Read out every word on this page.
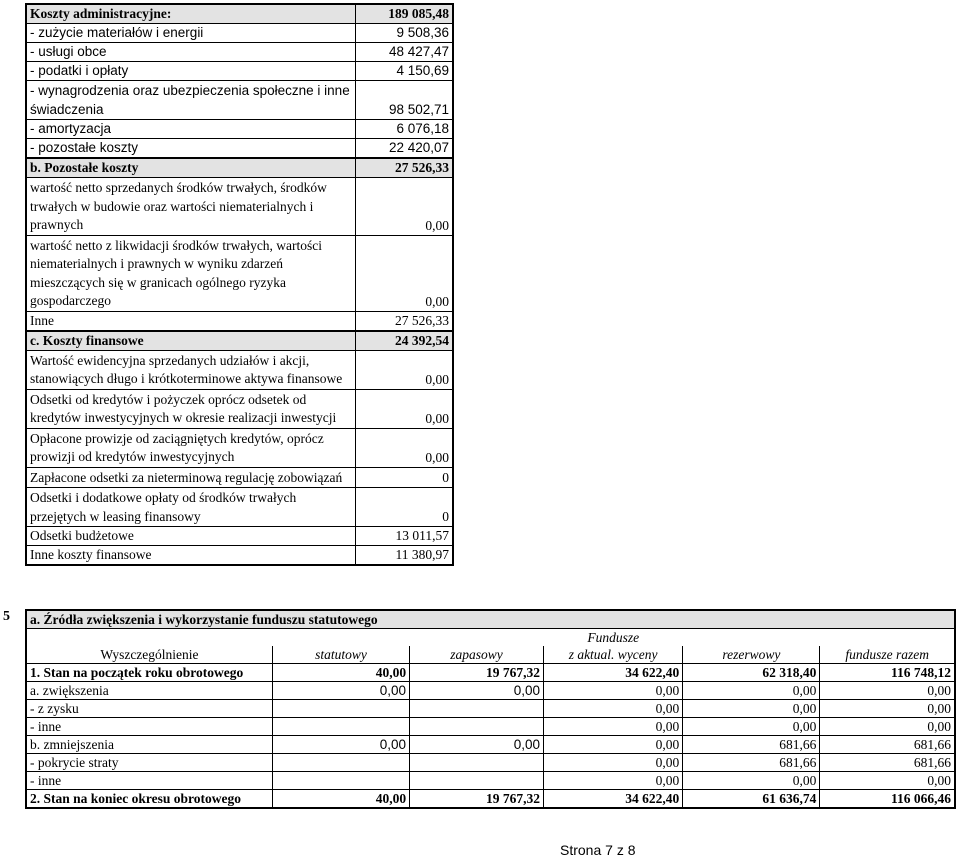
Koszty administracyjne:	189 085,48
- zużycie materiałów i energii	9 508,36
- usługi obce	48 427,47
- podatki i opłaty	4 150,69
- wynagrodzenia oraz ubezpieczenia społeczne i inne świadczenia	98 502,71
- amortyzacja	6 076,18
- pozostałe koszty	22 420,07
b. Pozostałe koszty	27 526,33
wartość netto sprzedanych środków trwałych, środków trwałych w budowie oraz wartości niematerialnych i prawnych	0,00
wartość netto z likwidacji środków trwałych, wartości niematerialnych i prawnych w wyniku zdarzeń mieszczących się w granicach ogólnego ryzyka gospodarczego	0,00
Inne	27 526,33
c. Koszty finansowe	24 392,54
Wartość ewidencyjna sprzedanych udziałów i akcji, stanowiących długo i krótkoterminowe aktywa finansowe	0,00
Odsetki od kredytów i pożyczek oprócz odsetek od kredytów inwestycyjnych w okresie realizacji inwestycji	0,00
Opłacone prowizje od zaciągniętych kredytów, oprócz prowizji od kredytów inwestycyjnych	0,00
Zapłacone odsetki za nieterminową regulację zobowiązań	0
Odsetki i dodatkowe opłaty od środków trwałych przejętych w leasing finansowy	0
Odsetki budżetowe	13 011,57
Inne koszty finansowe	11 380,97
5 a. Źródła zwiększenia i wykorzystanie funduszu statutowego					
	Fundusze				
Wyszczególnienie	statutowy	zapasowy	z aktual. wyceny	rezerwowy	fundusze razem
1. Stan na początek roku obrotowego	40,00	19 767,32	34 622,40	62 318,40	116 748,12
a. zwiększenia	0,00	0,00	0,00	0,00	0,00
- z zysku			0,00	0,00	0,00
- inne			0,00	0,00	0,00
b. zmniejszenia	0,00	0,00	0,00	681,66	681,66
- pokrycie straty			0,00	681,66	681,66
- inne			0,00	0,00	0,00
2. Stan na koniec okresu obrotowego	40,00	19 767,32	34 622,40	61 636,74	116 066,46
Strona 7 z 8
